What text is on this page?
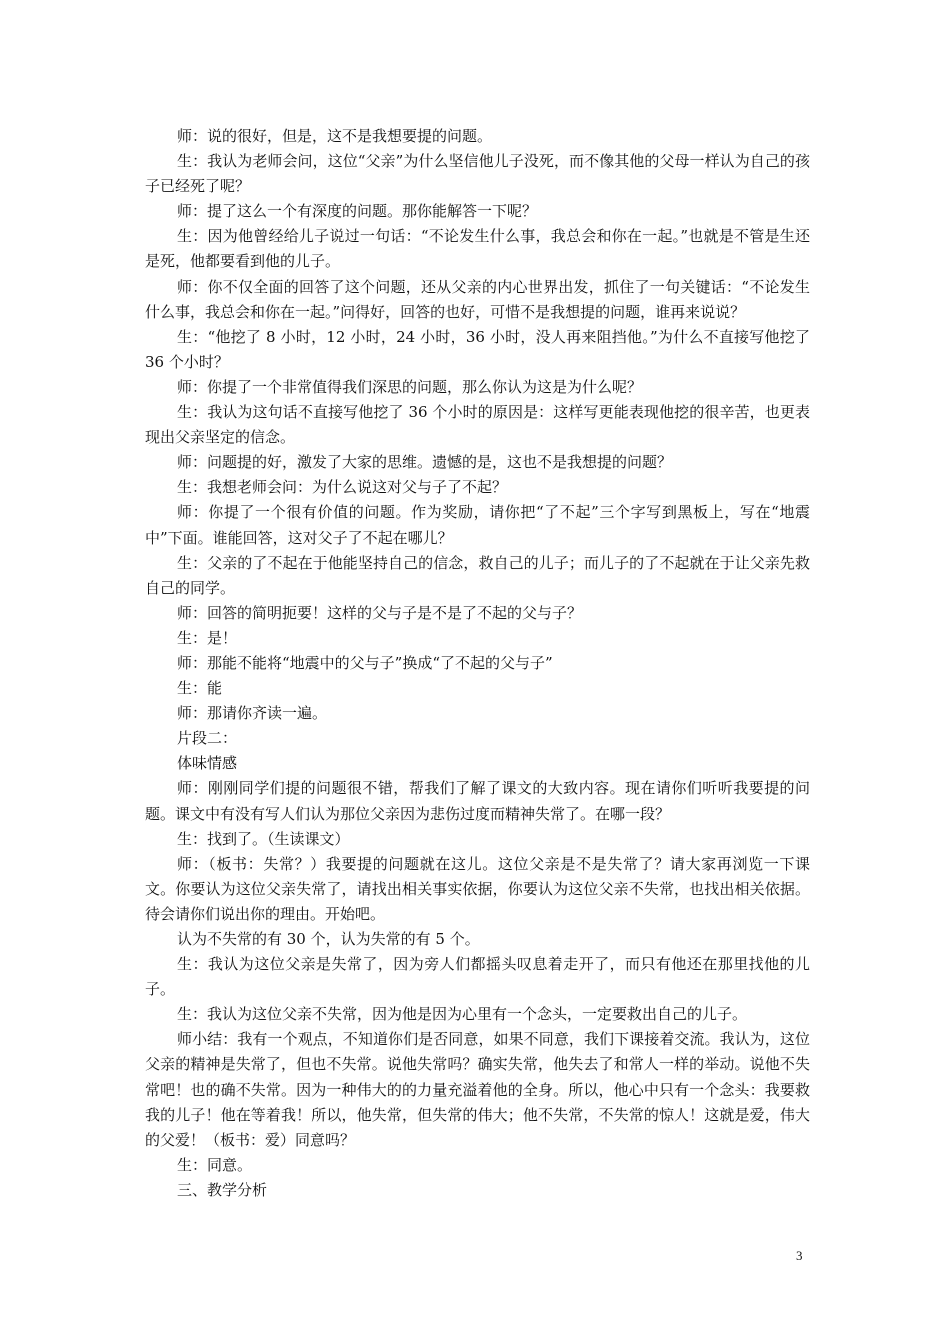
师：说的很好，但是，这不是我想要提的问题。

生：我认为老师会问，这位“父亲”为什么坚信他儿子没死，而不像其他的父母一样认为自己的孩子已经死了呢？

师：提了这么一个有深度的问题。那你能解答一下呢？

生：因为他曾经给儿子说过一句话：“不论发生什么事，我总会和你在一起。”也就是不管是生还是死，他都要看到他的儿子。

师：你不仅全面的回答了这个问题，还从父亲的内心世界出发，抓住了一句关键话：“不论发生什么事，我总会和你在一起。”问得好，回答的也好，可惜不是我想提的问题，谁再来说说？

生：“他挖了 8 小时，12 小时，24 小时，36 小时，没人再来阻挡他。”为什么不直接写他挖了 36 个小时？

师：你提了一个非常值得我们深思的问题，那么你认为这是为什么呢？

生：我认为这句话不直接写他挖了 36 个小时的原因是：这样写更能表现他挖的很辛苦，也更表现出父亲坚定的信念。

师：问题提的好，激发了大家的思维。遗憾的是，这也不是我想提的问题？

生：我想老师会问：为什么说这对父与子了不起？

师：你提了一个很有价值的问题。作为奖励，请你把“了不起”三个字写到黑板上，写在“地震中”下面。谁能回答，这对父子了不起在哪儿？

生：父亲的了不起在于他能坚持自己的信念，救自己的儿子；而儿子的了不起就在于让父亲先救自己的同学。

师：回答的简明扼要！这样的父与子是不是了不起的父与子？

生：是！

师：那能不能将“地震中的父与子”换成“了不起的父与子”

生：能

师：那请你齐读一遍。

片段二：

体味情感

师：刚刚同学们提的问题很不错，帮我们了解了课文的大致内容。现在请你们听听我要提的问题。课文中有没有写人们认为那位父亲因为悲伤过度而精神失常了。在哪一段？

生：找到了。（生读课文）

师：（板书：失常？）我要提的问题就在这儿。这位父亲是不是失常了？请大家再浏览一下课文。你要认为这位父亲失常了，请找出相关事实依据，你要认为这位父亲不失常，也找出相关依据。待会请你们说出你的理由。开始吧。

认为不失常的有 30 个，认为失常的有 5 个。

生：我认为这位父亲是失常了，因为旁人们都摇头叹息着走开了，而只有他还在那里找他的儿子。

生：我认为这位父亲不失常，因为他是因为心里有一个念头，一定要救出自己的儿子。

师小结：我有一个观点，不知道你们是否同意，如果不同意，我们下课接着交流。我认为，这位父亲的精神是失常了，但也不失常。说他失常吗？确实失常，他失去了和常人一样的举动。说他不失常吧！也的确不失常。因为一种伟大的的力量充溢着他的全身。所以，他心中只有一个念头：我要救我的儿子！他在等着我！所以，他失常，但失常的伟大；他不失常，不失常的惊人！这就是爱，伟大的父爱！（板书：爱）同意吗？

生：同意。

三、教学分析

3
